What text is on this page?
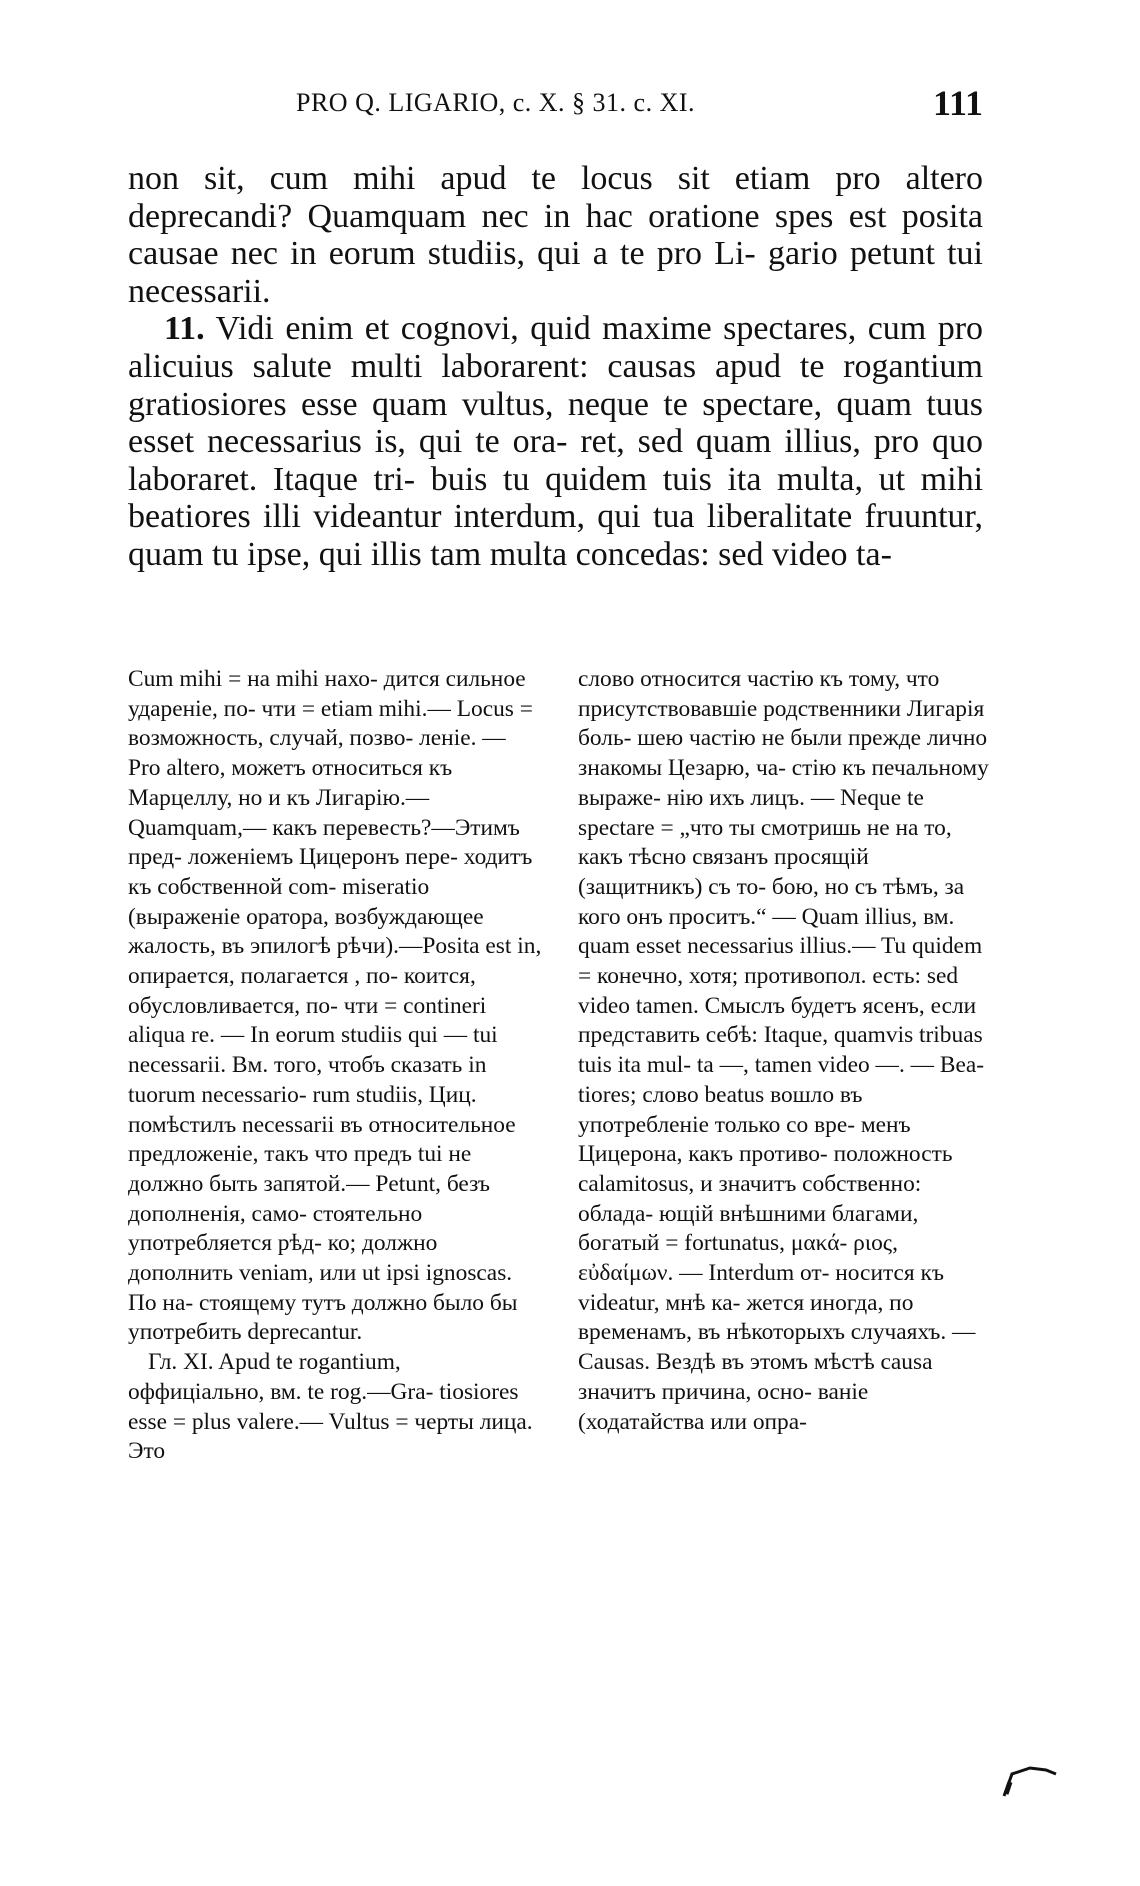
PRO Q. LIGARIO, c. X. § 31. c. XI.	111

non sit, cum mihi apud te locus sit etiam pro altero deprecandi? Quamquam nec in hac oratione spes est posita causae nec in eorum studiis, qui a te pro Li- gario petunt tui necessarii.

11. Vidi enim et cognovi, quid maxime spectares, cum pro alicuius salute multi laborarent: causas apud te rogantium gratiosiores esse quam vultus, neque te spectare, quam tuus esset necessarius is, qui te ora- ret, sed quam illius, pro quo laboraret. Itaque tri- buis tu quidem tuis ita multa, ut mihi beatiores illi videantur interdum, qui tua liberalitate fruuntur, quam tu ipse, qui illis tam multa concedas: sed video ta-

Cum mihi = на mihi нахо- дится сильное удареніе, по- чти = etiam mihi.— Locus = возможность, случай, позво- леніе. — Pro altero, можетъ относиться къ Марцеллу, но и къ Лигарію.—Quamquam,— какъ перевесть?—Этимъ пред- ложеніемъ Цицеронъ пере- ходитъ къ собственной com- miseratio (выраженіе оратора, возбуждающее жалость, въ эпилогѣ рѣчи).—Posita est in, опирается, полагается , по- коится, обусловливается, по- чти = contineri aliqua re. — In eorum studiis qui — tui necessarii. Вм. того, чтобъ сказать in tuorum necessario- rum studiis, Циц. помѣстилъ necessarii въ относительное предложеніе, такъ что предъ tui не должно быть запятой.— Petunt, безъ дополненія, само- стоятельно употребляется рѣд- ко; должно дополнить veniam, или ut ipsi ignoscas. По на- стоящему тутъ должно было бы употребить deprecantur.

Гл. XI. Apud te rogantium, оффиціально, вм. te rog.—Gra- tiosiores esse = plus valere.— Vultus = черты лица. Это

слово относится частію къ тому, что присутствовавшіе родственники Лигарія боль- шею частію не были прежде лично знакомы Цезарю, ча- стію къ печальному выраже- нію ихъ лицъ. — Neque te spectare = „что ты смотришь не на то, какъ тѣсно связанъ просящій (защитникъ) съ то- бою, но съ тѣмъ, за кого онъ проситъ.“ — Quam illius, вм. quam esset necessarius illius.— Tu quidem = конечно, хотя; противопол. есть: sed video tamen. Смыслъ будетъ ясенъ, если представить себѣ: Itaque, quamvis tribuas tuis ita mul- ta —, tamen video —. — Bea- tiores; слово beatus вошло въ употребленіе только со вре- менъ Цицерона, какъ противо- положность calamitosus, и значитъ собственно: облада- ющій внѣшними благами, богатый = fortunatus, μακά- ριος, εὐδαίμων. — Interdum от- носится къ videatur, мнѣ ка- жется иногда, по временамъ, въ нѣкоторыхъ случаяхъ. — Causas. Вездѣ въ этомъ мѣстѣ causa значитъ причина, осно- ваніе (ходатайства или опра-
